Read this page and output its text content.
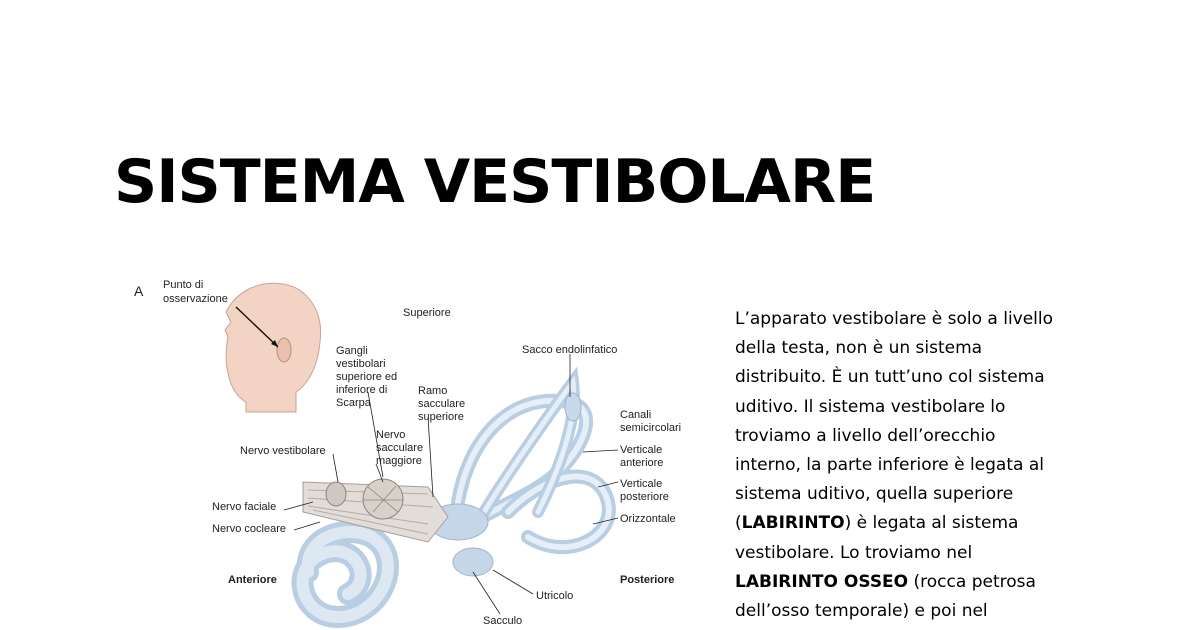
SISTEMA VESTIBOLARE
A Punto di
osservazione
Superiore
Gangli
vestibolari
superiore ed
inferiore di
Scarpa
Ramo
sacculare
superiore
Sacco endolinfatico
Canali
semicircolari
Verticale
anteriore
Verticale
posteriore
Orizzontale
Nervo vestibolare
Nervo
sacculare
maggiore
Nervo faciale
Nervo cocleare
Anteriore	Posteriore
Utricolo
Sacculo

L’apparato vestibolare è solo a livello
della testa, non è un sistema
distribuito. È un tutt’uno col sistema
uditivo. Il sistema vestibolare lo
troviamo a livello dell’orecchio
interno, la parte inferiore è legata al
sistema uditivo, quella superiore
(LABIRINTO) è legata al sistema
vestibolare. Lo troviamo nel
LABIRINTO OSSEO (rocca petrosa
dell’osso temporale) e poi nel
